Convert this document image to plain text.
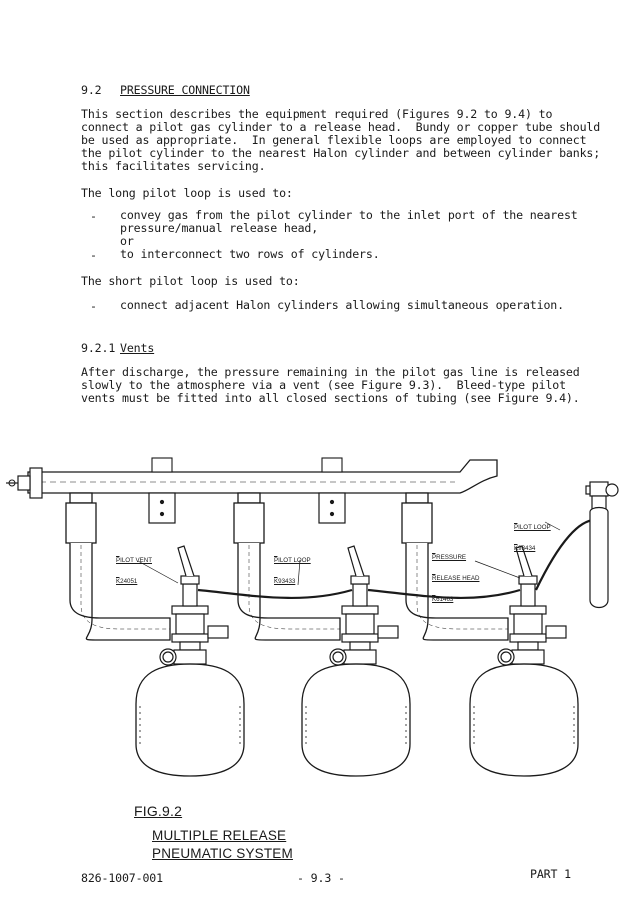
9.2 PRESSURE CONNECTION
This section describes the equipment required (Figures 9.2 to 9.4) to
connect a pilot gas cylinder to a release head.  Bundy or copper tube should
be used as appropriate.  In general flexible loops are employed to connect
the pilot cylinder to the nearest Halon cylinder and between cylinder banks;
this facilitates servicing.
The long pilot loop is used to:
- convey gas from the pilot cylinder to the inlet port of the nearest
pressure/manual release head,
or
- to interconnect two rows of cylinders.
The short pilot loop is used to:
- connect adjacent Halon cylinders allowing simultaneous operation.
9.2.1 Vents
After discharge, the pressure remaining in the pilot gas line is released
slowly to the atmosphere via a vent (see Figure 9.3).  Bleed-type pilot
vents must be fitted into all closed sections of tubing (see Figure 9.4).

PILOT VENT

K24051

PILOT LOOP

K93433

PRESSURE

RELEASE HEAD

K61463

PILOT LOOP

K93434

FIG.9.2
MULTIPLE RELEASE
PNEUMATIC SYSTEM
826-1007-001	- 9.3 -	PART 1
